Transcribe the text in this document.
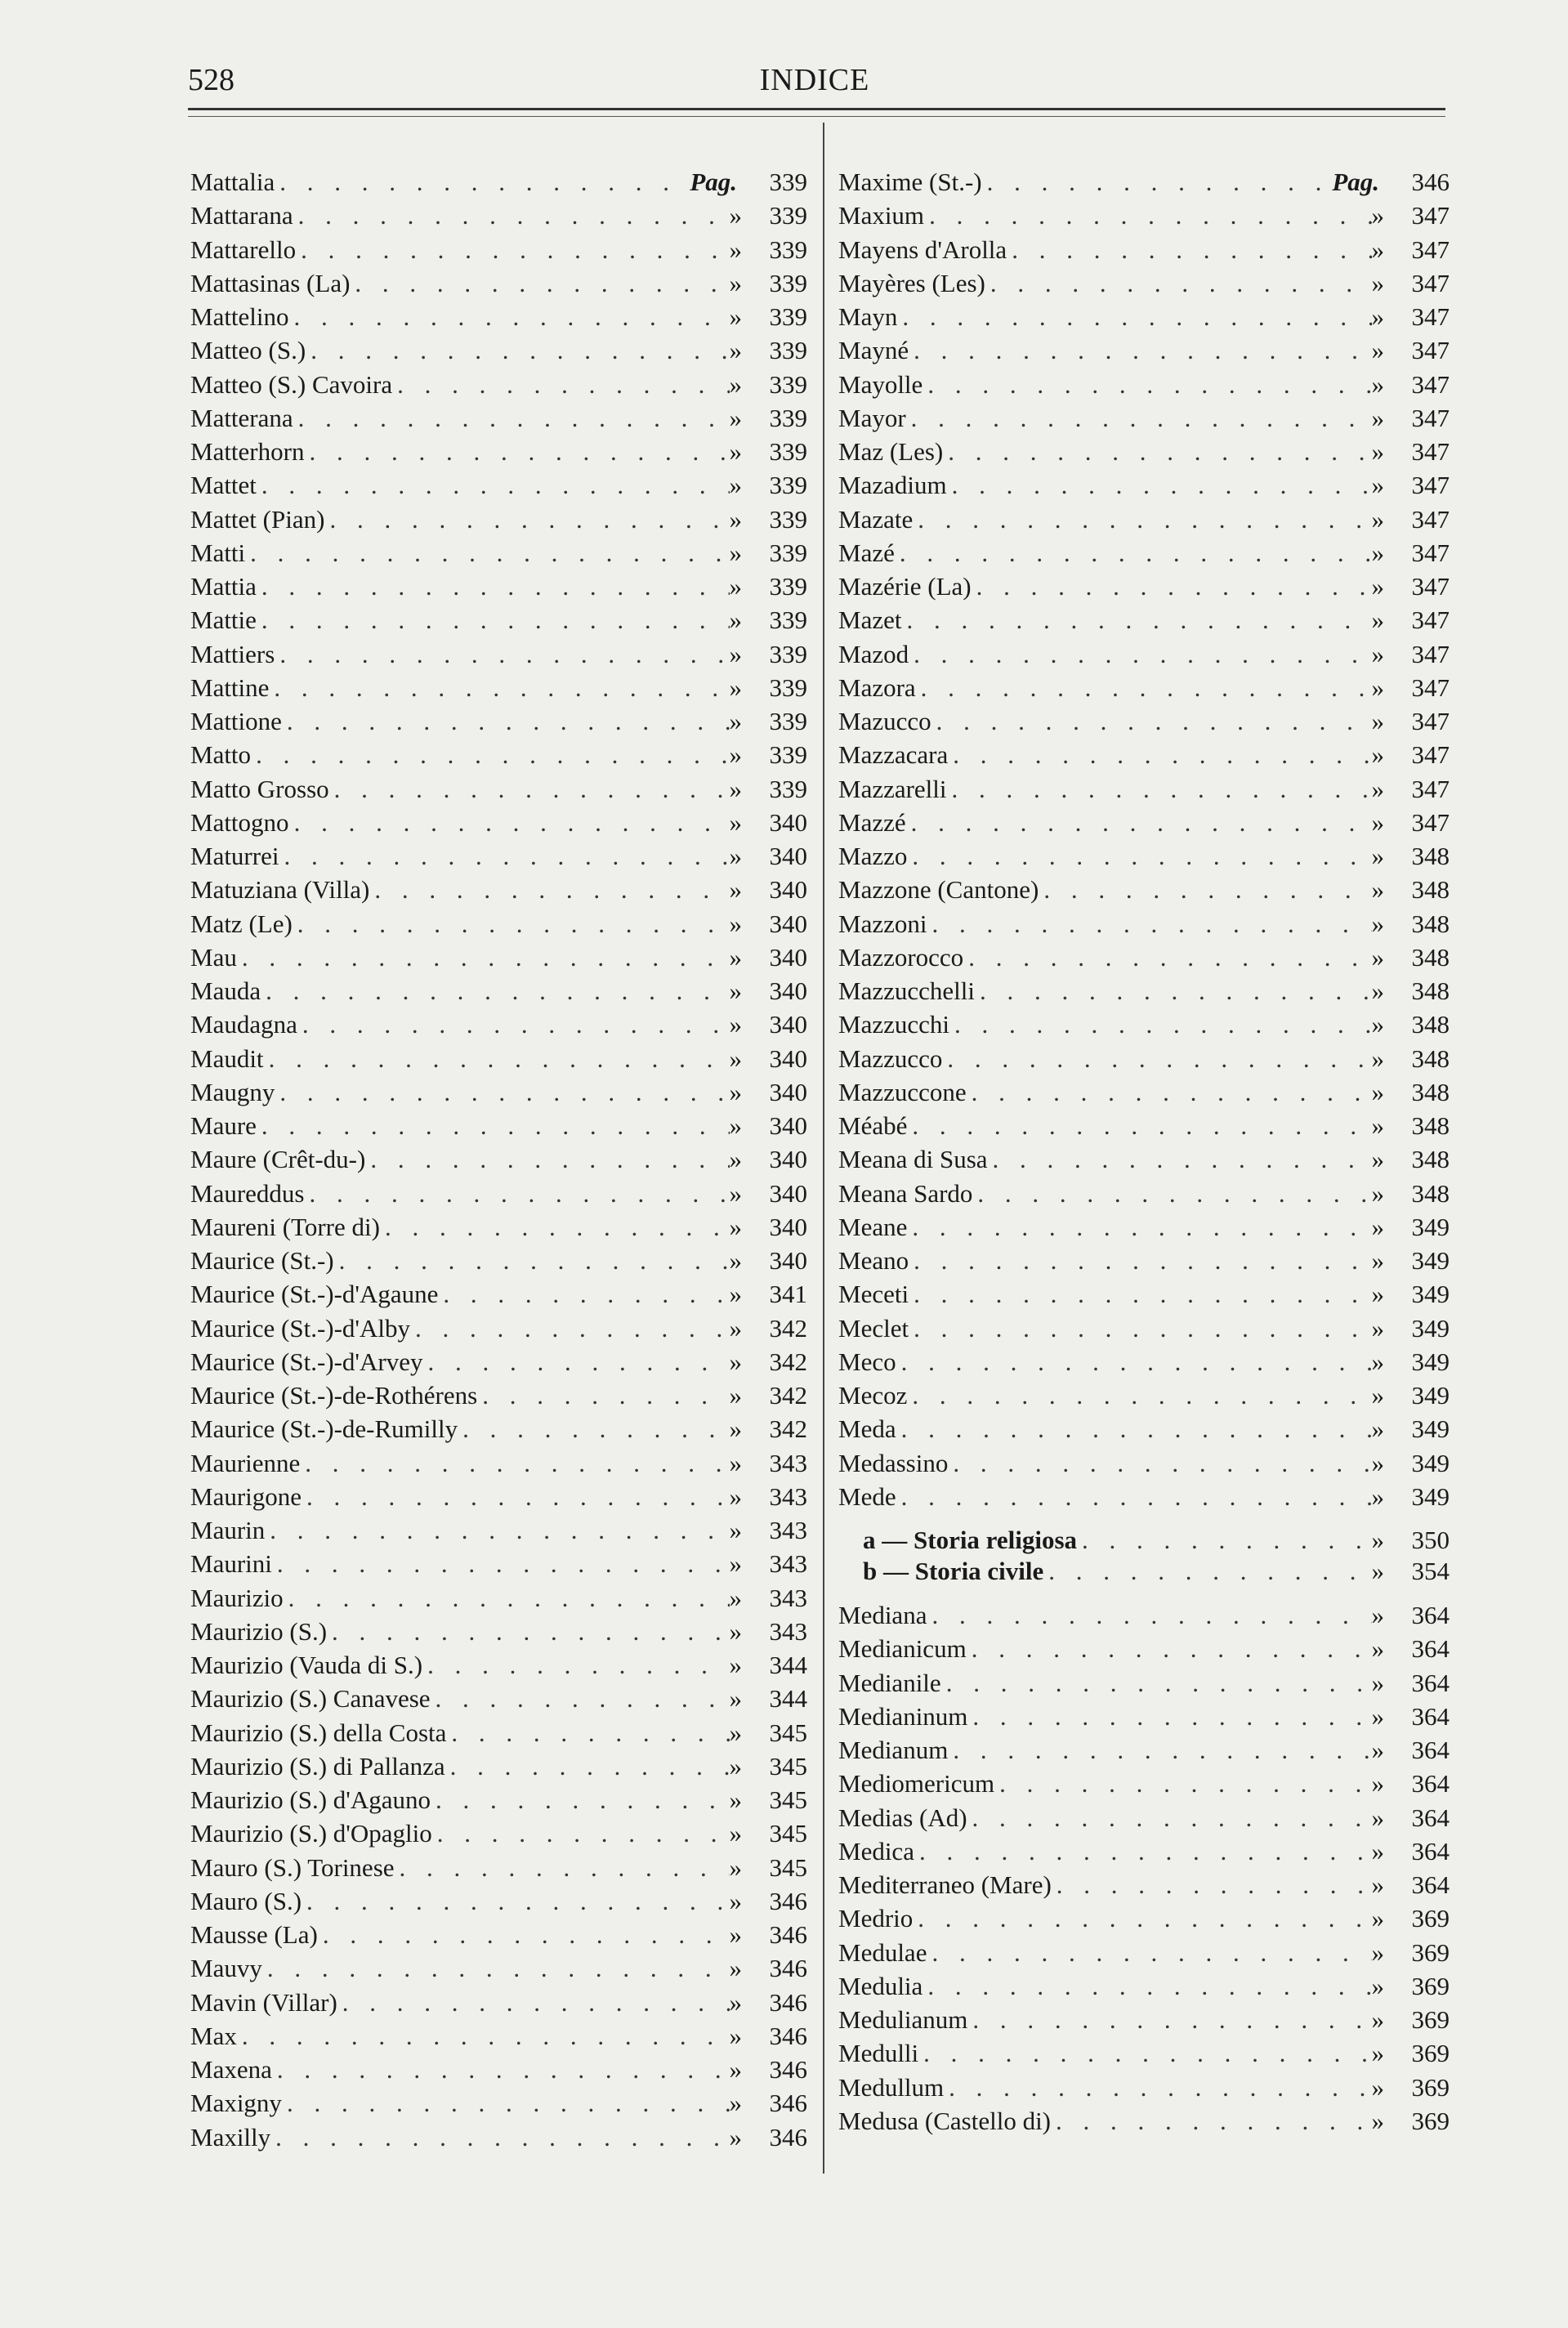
528	INDICE
Mattalia . . .	Pag.	339
Mattarana . . .	»	339
Mattarello . . .	»	339
Mattasinas (La) . . .	»	339
Mattelino . . .	»	339
Matteo (S.) . . .	»	339
Matteo (S.) Cavoira . . .	»	339
Matterana . . .	»	339
Matterhorn . . .	»	339
Mattet . . .	»	339
Mattet (Pian) . . .	»	339
Matti . . .	»	339
Mattia . . .	»	339
Mattie . . .	»	339
Mattiers . . .	»	339
Mattine . . .	»	339
Mattione . . .	»	339
Matto . . .	»	339
Matto Grosso . . .	»	339
Mattogno . . .	»	340
Maturrei . . .	»	340
Matuziana (Villa) . . .	»	340
Matz (Le) . . .	»	340
Mau . . .	»	340
Mauda . . .	»	340
Maudagna . . .	»	340
Maudit . . .	»	340
Maugny . . .	»	340
Maure . . .	»	340
Maure (Crêt-du-) . . .	»	340
Maureddus . . .	»	340
Maureni (Torre di) . . .	»	340
Maurice (St.-) . . .	»	340
Maurice (St.-)-d'Agaune . . .	»	341
Maurice (St.-)-d'Alby . . .	»	342
Maurice (St.-)-d'Arvey . . .	»	342
Maurice (St.-)-de-Rothérens . . .	»	342
Maurice (St.-)-de-Rumilly . . .	»	342
Maurienne . . .	»	343
Maurigone . . .	»	343
Maurin . . .	»	343
Maurini . . .	»	343
Maurizio . . .	»	343
Maurizio (S.) . . .	»	343
Maurizio (Vauda di S.) . . .	»	344
Maurizio (S.) Canavese . . .	»	344
Maurizio (S.) della Costa . . .	»	345
Maurizio (S.) di Pallanza . . .	»	345
Maurizio (S.) d'Agauno . . .	»	345
Maurizio (S.) d'Opaglio . . .	»	345
Mauro (S.) Torinese . . .	»	345
Mauro (S.) . . .	»	346
Mausse (La) . . .	»	346
Mauvy . . .	»	346
Mavin (Villar) . . .	»	346
Max . . .	»	346
Maxena . . .	»	346
Maxigny . . .	»	346
Maxilly . . .	»	346
Maxime (St.-) . . .	Pag.	346
Maxium . . .	»	347
Mayens d'Arolla . . .	»	347
Mayères (Les) . . .	»	347
Mayn . . .	»	347
Mayné . . .	»	347
Mayolle . . .	»	347
Mayor . . .	»	347
Maz (Les) . . .	»	347
Mazadium . . .	»	347
Mazate . . .	»	347
Mazé . . .	»	347
Mazérie (La) . . .	»	347
Mazet . . .	»	347
Mazod . . .	»	347
Mazora . . .	»	347
Mazucco . . .	»	347
Mazzacara . . .	»	347
Mazzarelli . . .	»	347
Mazzé . . .	»	347
Mazzo . . .	»	348
Mazzone (Cantone) . . .	»	348
Mazzoni . . .	»	348
Mazzorocco . . .	»	348
Mazzucchelli . . .	»	348
Mazzucchi . . .	»	348
Mazzucco . . .	»	348
Mazzuccone . . .	»	348
Méabé . . .	»	348
Meana di Susa . . .	»	348
Meana Sardo . . .	»	348
Meane . . .	»	349
Meano . . .	»	349
Meceti . . .	»	349
Meclet . . .	»	349
Meco . . .	»	349
Mecoz . . .	»	349
Meda . . .	»	349
Medassino . . .	»	349
Mede . . .	»	349
a — Storia religiosa . . .	»	350
b — Storia civile . . .	»	354
Mediana . . .	»	364
Medianicum . . .	»	364
Medianile . . .	»	364
Medianinum . . .	»	364
Medianum . . .	»	364
Mediomericum . . .	»	364
Medias (Ad) . . .	»	364
Medica . . .	»	364
Mediterraneo (Mare) . . .	»	364
Medrio . . .	»	369
Medulae . . .	»	369
Medulia . . .	»	369
Medulianum . . .	»	369
Medulli . . .	»	369
Medullum . . .	»	369
Medusa (Castello di) . . .	»	369
